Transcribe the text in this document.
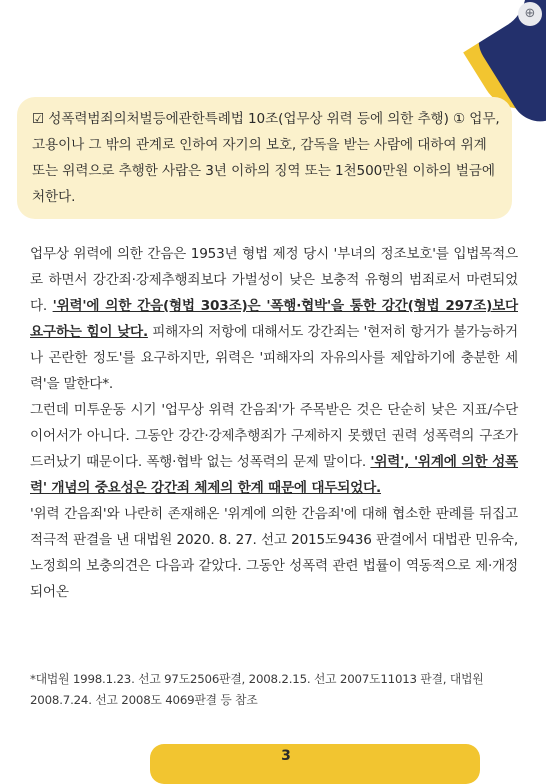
⊕

☑ 성폭력범죄의처벌등에관한특례법 10조(업무상 위력 등에 의한 추행) ① 업무, 고용이나 그 밖의 관계로 인하여 자기의 보호, 감독을 받는 사람에 대하여 위계 또는 위력으로 추행한 사람은 3년 이하의 징역 또는 1천500만원 이하의 벌금에 처한다.

업무상 위력에 의한 간음은 1953년 형법 제정 당시 '부녀의 정조보호'를 입법목적으로 하면서 강간죄·강제추행죄보다 가벌성이 낮은 보충적 유형의 범죄로서 마련되었다. '위력'에 의한 간음(형법 303조)은 '폭행·협박'을 통한 강간(형법 297조)보다 요구하는 힘이 낮다. 피해자의 저항에 대해서도 강간죄는 '현저히 항거가 불가능하거나 곤란한 정도'를 요구하지만, 위력은 '피해자의 자유의사를 제압하기에 충분한 세력'을 말한다*.

그런데 미투운동 시기 '업무상 위력 간음죄'가 주목받은 것은 단순히 낮은 지표/수단이어서가 아니다. 그동안 강간·강제추행죄가 구제하지 못했던 권력 성폭력의 구조가 드러났기 때문이다. 폭행·협박 없는 성폭력의 문제 말이다. '위력', '위계에 의한 성폭력' 개념의 중요성은 강간죄 체제의 한계 때문에 대두되었다.

'위력 간음죄'와 나란히 존재해온 '위계에 의한 간음죄'에 대해 협소한 판례를 뒤집고 적극적 판결을 낸 대법원 2020. 8. 27. 선고 2015도9436 판결에서 대법관 민유숙, 노정희의 보충의견은 다음과 같았다. 그동안 성폭력 관련 법률이 역동적으로 제·개정되어온

*대법원 1998.1.23. 선고 97도2506판결, 2008.2.15. 선고 2007도11013 판결, 대법원 2008.7.24. 선고 2008도 4069판결 등 참조
3
